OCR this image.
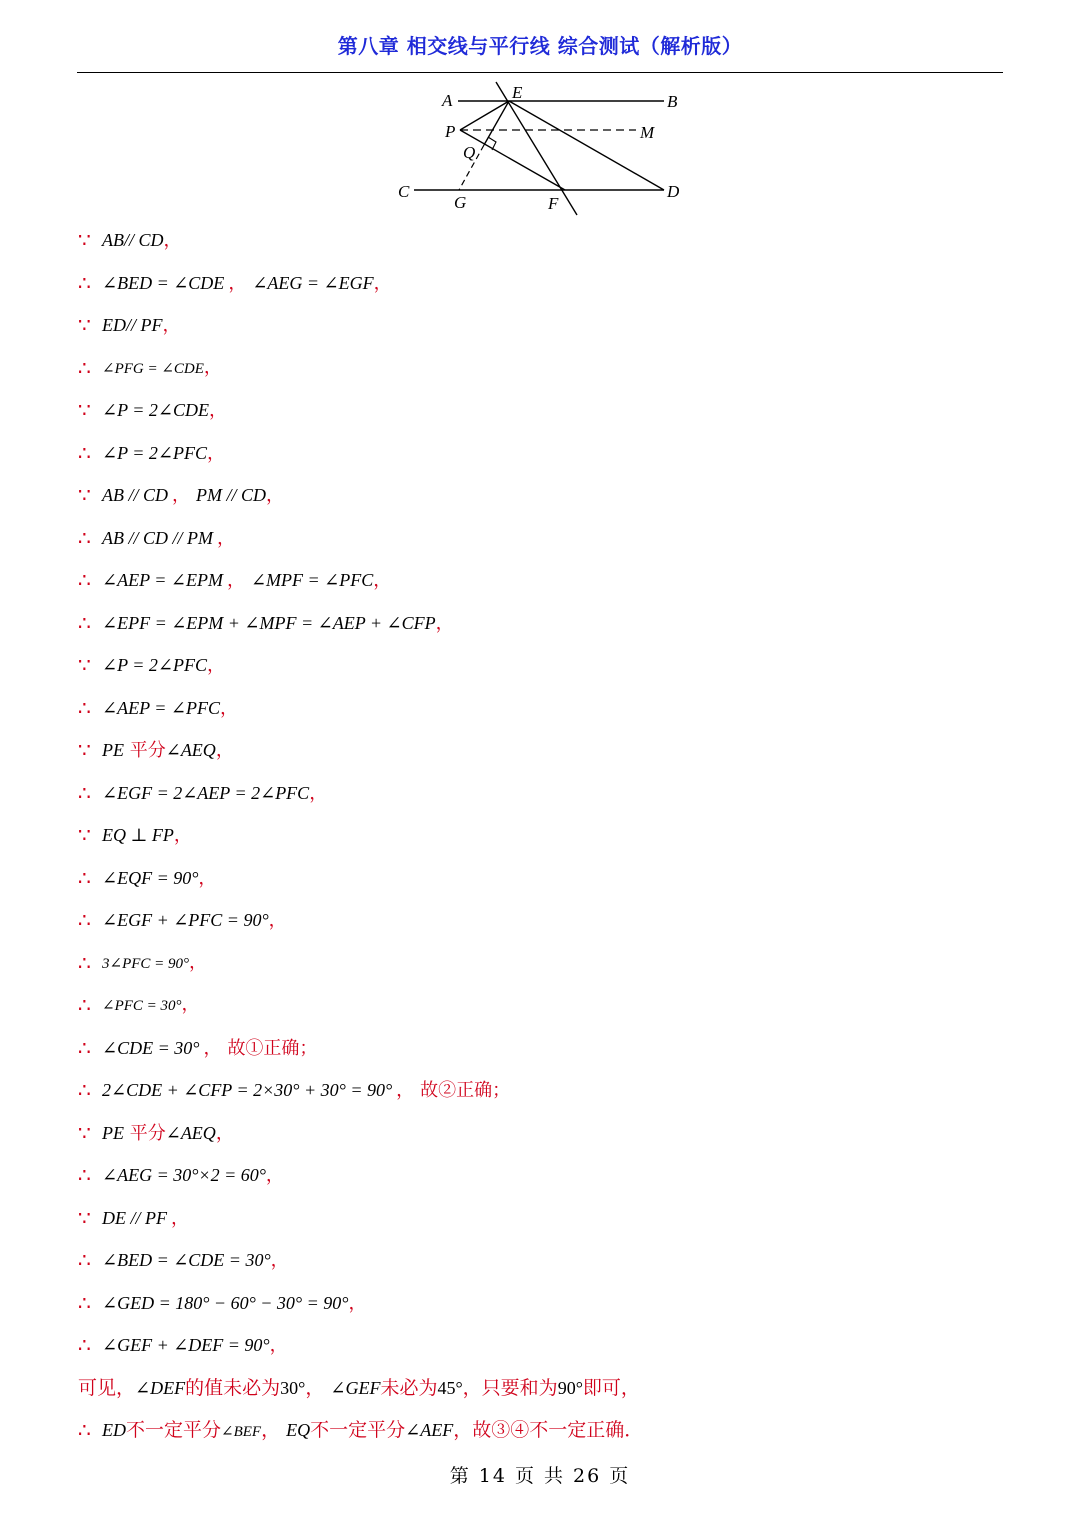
第八章 相交线与平行线 综合测试（解析版）
A	B
E
P	M
Q
C
G	F
D
∵ AB// CD，
∴ ∠BED = ∠CDE ， ∠AEG = ∠EGF，
∵ ED// PF，
∴ ∠PFG = ∠CDE，
∵ ∠P = 2∠CDE，
∴ ∠P = 2∠PFC，
∵ AB // CD ， PM // CD，
∴ AB // CD // PM ，
∴ ∠AEP = ∠EPM ， ∠MPF = ∠PFC，
∴ ∠EPF = ∠EPM + ∠MPF = ∠AEP + ∠CFP，
∵ ∠P = 2∠PFC，
∴ ∠AEP = ∠PFC，
∵ PE 平分∠AEQ，
∴ ∠EGF = 2∠AEP = 2∠PFC，
∵ EQ ⊥ FP，
∴ ∠EQF = 90°，
∴ ∠EGF + ∠PFC = 90°，
∴ 3∠PFC = 90°，
∴ ∠PFC = 30°，
∴ ∠CDE = 30° ， 故①正确；
∴ 2∠CDE + ∠CFP = 2×30° + 30° = 90° ， 故②正确；
∵ PE 平分∠AEQ，
∴ ∠AEG = 30°×2 = 60°，
∵ DE // PF ，
∴ ∠BED = ∠CDE = 30°，
∴ ∠GED = 180° − 60° − 30° = 90°，
∴ ∠GEF + ∠DEF = 90°，
可见，∠DEF的值未必为30°， ∠GEF未必为45°，只要和为90°即可，
∴ ED不一定平分∠BEF， EQ不一定平分∠AEF，故③④不一定正确．
第 14 页 共 26 页
